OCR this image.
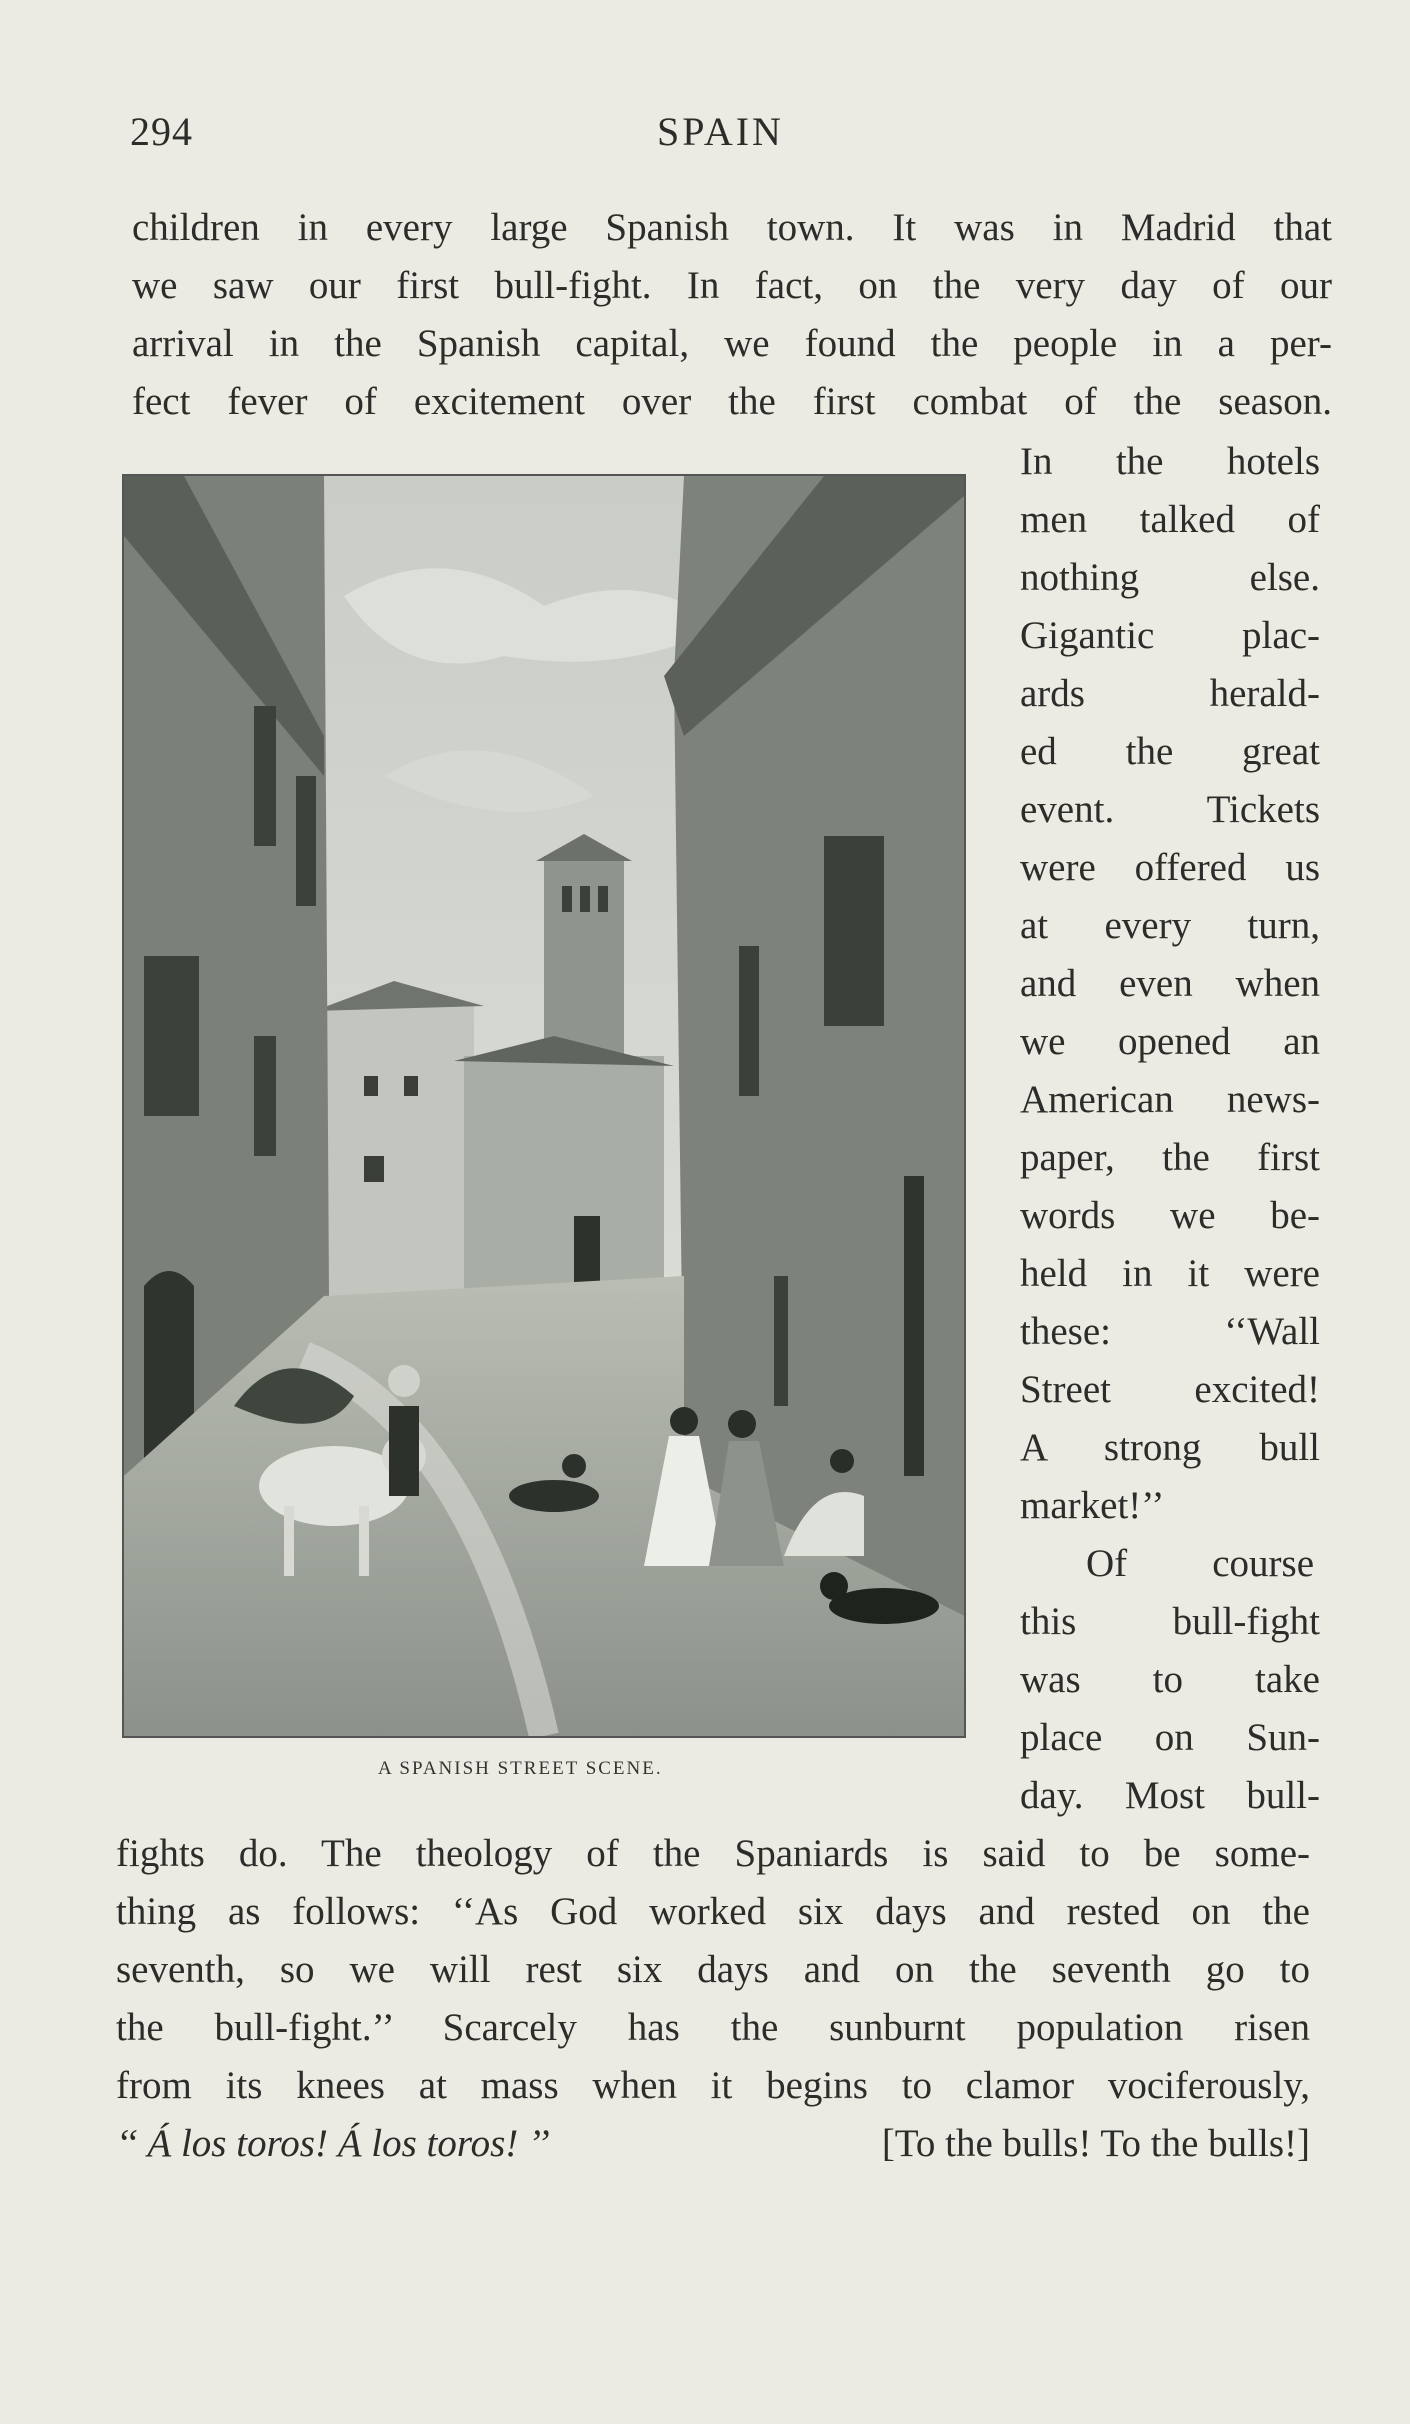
294	SPAIN
children in every large Spanish town. It was in Madrid that
we saw our first bull-fight. In fact, on the very day of our
arrival in the Spanish capital, we found the people in a per-
fect fever of excitement over the first combat of the season.
In the hotels
men talked of
nothing else.
Gigantic plac-
ards herald-
ed the great
event. Tickets
were offered us
at every turn,
and even when
we opened an
American news-
paper, the first
words we be-
held in it were
these: ‘‘Wall
Street excited!
A strong bull
market!’’
Of course
this bull-fight
was to take
place on Sun-
day. Most bull-
A SPANISH STREET SCENE.
fights do. The theology of the Spaniards is said to be some-
thing as follows: ‘‘As God worked six days and rested on the
seventh, so we will rest six days and on the seventh go to
the bull-fight.’’ Scarcely has the sunburnt population risen
from its knees at mass when it begins to clamor vociferously,
‘‘ Á los toros! Á los toros! ’’	[To the bulls! To the bulls!]
